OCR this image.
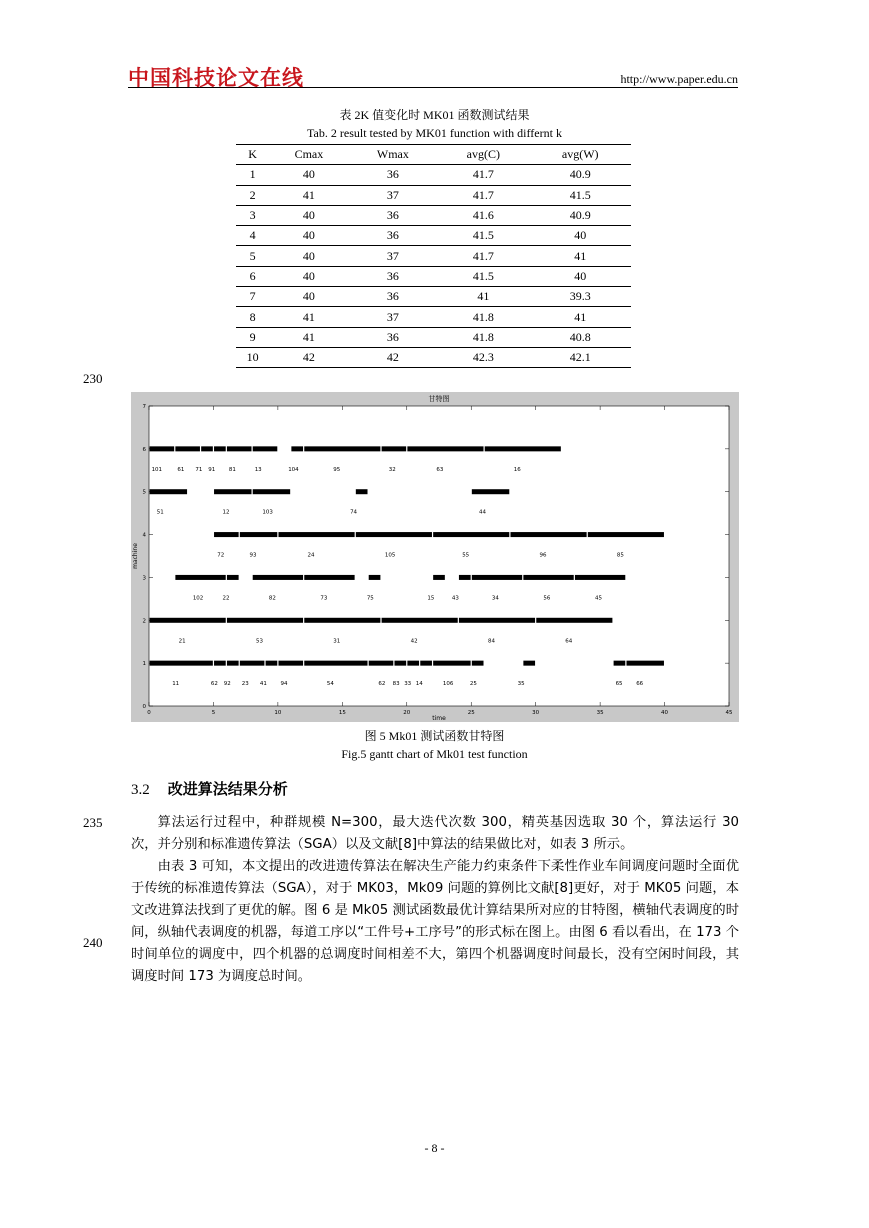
中国科技论文在线	http://www.paper.edu.cn
表 2K 值变化时 MK01 函数测试结果
Tab. 2 result tested by MK01 function with differnt k
K	Cmax	Wmax	avg(C)	avg(W)
1	40	36	41.7	40.9
2	41	37	41.7	41.5
3	40	36	41.6	40.9
4	40	36	41.5	40
5	40	37	41.7	41
6	40	36	41.5	40
7	40	36	41	39.3
8	41	37	41.8	41
9	41	36	41.8	40.8
10	42	42	42.3	42.1
230
235
240
甘特图
time
machine
0	5	10	15	20	25	30	35	40	45
0
1
2
3
4
5
6
7
11	62 92 23 41 94	54	62 83 33 14	106	25	35	65 66
21	53	31	42	84	64
102	22	82	73	75	15	43	34	56	45
72	93	24	105	55	96	85
51	12	103	74	44
101	61 71 91 81	13	104	95	32	63	16
图 5 Mk01 测试函数甘特图
Fig.5 gantt chart of Mk01 test function
3.2 改进算法结果分析

算法运行过程中，种群规模 N=300，最大迭代次数 300，精英基因选取 30 个，算法运行 30 次，并分别和标准遗传算法（SGA）以及文献[8]中算法的结果做比对，如表 3 所示。

由表 3 可知，本文提出的改进遗传算法在解决生产能力约束条件下柔性作业车间调度问题时全面优于传统的标准遗传算法（SGA），对于 MK03，Mk09 问题的算例比文献[8]更好，对于 MK05 问题，本文改进算法找到了更优的解。图 6 是 Mk05 测试函数最优计算结果所对应的甘特图，横轴代表调度的时间，纵轴代表调度的机器，每道工序以“工件号+工序号”的形式标在图上。由图 6 看以看出，在 173 个时间单位的调度中，四个机器的总调度时间相差不大，第四个机器调度时间最长，没有空闲时间段，其调度时间 173 为调度总时间。

- 8 -
